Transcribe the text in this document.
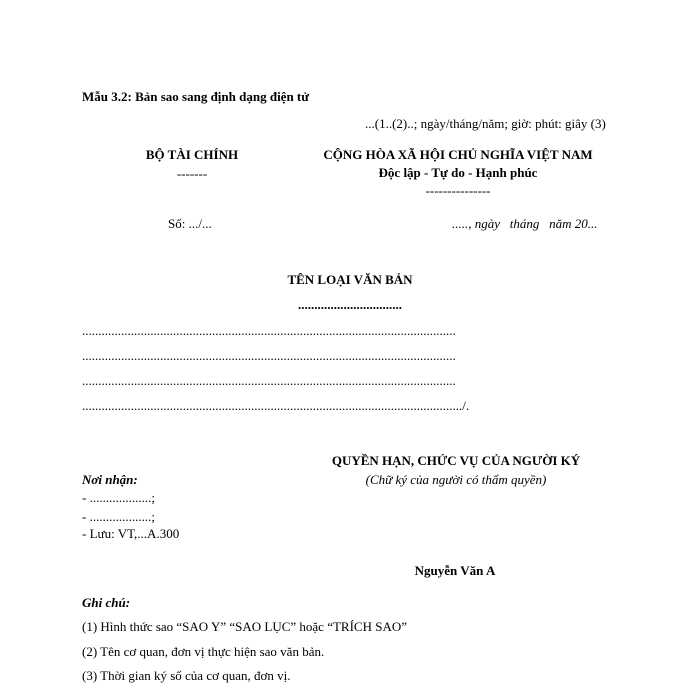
Mẫu 3.2: Bản sao sang định dạng điện tử
...(1..(2)..; ngày/tháng/năm; giờ: phút: giây (3)
BỘ TÀI CHÍNH
-------
CỘNG HÒA XÃ HỘI CHỦ NGHĨA VIỆT NAM
Độc lập - Tự do - Hạnh phúc
---------------
Số: .../...	....., ngày   tháng   năm 20...
TÊN LOẠI VĂN BẢN
................................
...................................................................................................................
...................................................................................................................
...................................................................................................................
...................................................................................................................../.
QUYỀN HẠN, CHỨC VỤ CỦA NGƯỜI KÝ
(Chữ ký của người có thẩm quyền)
Nơi nhận:
- ...................;
- ...................;
- Lưu: VT,...A.300
Nguyễn Văn A
Ghi chú:
(1) Hình thức sao “SAO Y” “SAO LỤC” hoặc “TRÍCH SAO”
(2) Tên cơ quan, đơn vị thực hiện sao văn bản.
(3) Thời gian ký số của cơ quan, đơn vị.
